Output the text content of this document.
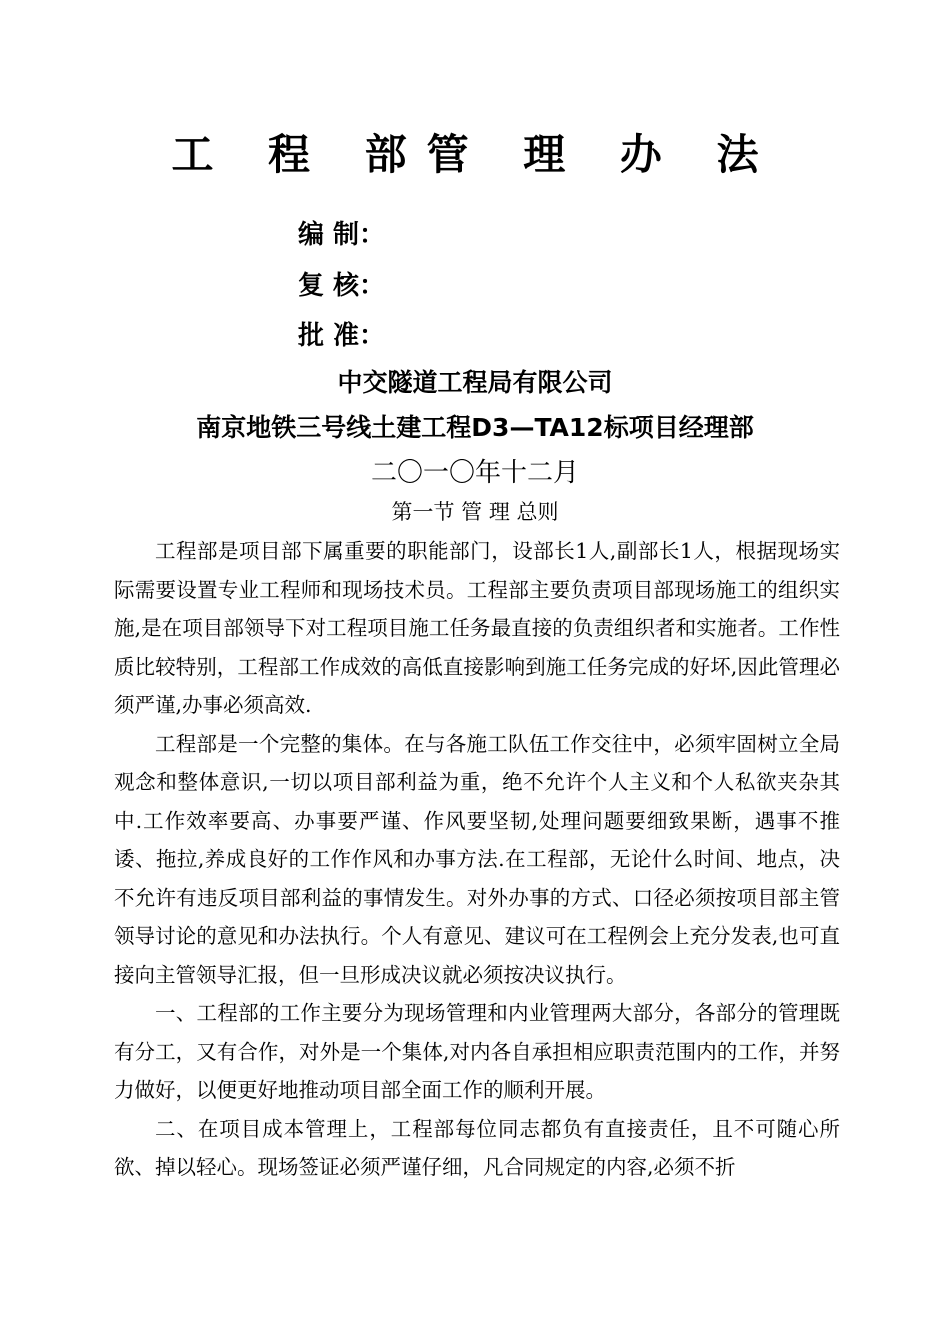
工 程 部管 理 办 法
编 制：
复 核：
批 准：
中交隧道工程局有限公司
南京地铁三号线土建工程D3—TA12标项目经理部
二〇一〇年十二月
第一节 管 理 总则

工程部是项目部下属重要的职能部门，设部长1人,副部长1人，根据现场实际需要设置专业工程师和现场技术员。工程部主要负责项目部现场施工的组织实施,是在项目部领导下对工程项目施工任务最直接的负责组织者和实施者。工作性质比较特别，工程部工作成效的高低直接影响到施工任务完成的好坏,因此管理必须严谨,办事必须高效.

工程部是一个完整的集体。在与各施工队伍工作交往中，必须牢固树立全局观念和整体意识,一切以项目部利益为重，绝不允许个人主义和个人私欲夹杂其中.工作效率要高、办事要严谨、作风要坚韧,处理问题要细致果断，遇事不推诿、拖拉,养成良好的工作作风和办事方法.在工程部，无论什么时间、地点，决不允许有违反项目部利益的事情发生。对外办事的方式、口径必须按项目部主管领导讨论的意见和办法执行。个人有意见、建议可在工程例会上充分发表,也可直接向主管领导汇报，但一旦形成决议就必须按决议执行。

一、工程部的工作主要分为现场管理和内业管理两大部分，各部分的管理既有分工，又有合作，对外是一个集体,对内各自承担相应职责范围内的工作，并努力做好，以便更好地推动项目部全面工作的顺利开展。

二、在项目成本管理上，工程部每位同志都负有直接责任，且不可随心所欲、掉以轻心。现场签证必须严谨仔细，凡合同规定的内容,必须不折
